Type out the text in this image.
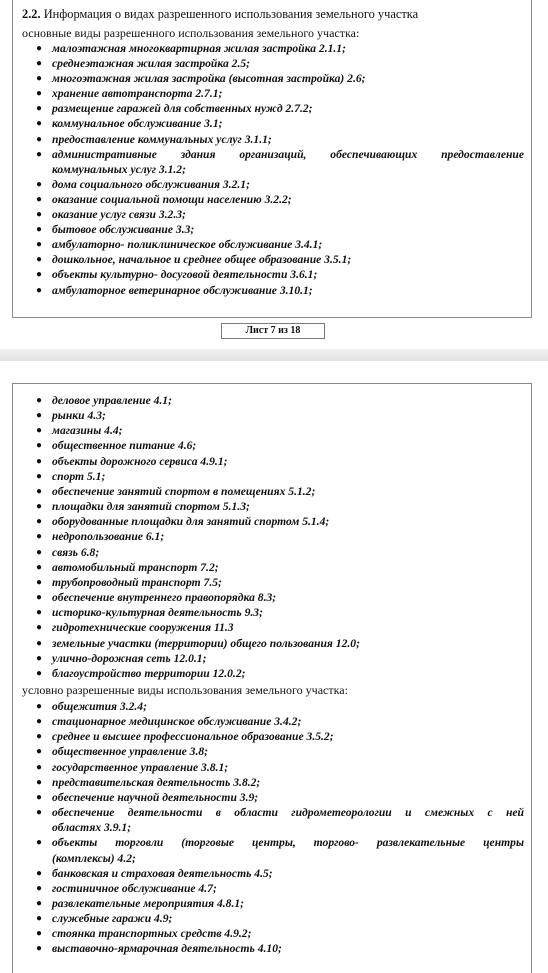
2.2. Информация о видах разрешенного использования земельного участка

основные виды разрешенного использования земельного участка:

● малоэтажная многоквартирная жилая застройка 2.1.1;
● среднеэтажная жилая застройка 2.5;
● многоэтажная жилая застройка (высотная застройка) 2.6;
● хранение автотранспорта 2.7.1;
● размещение гаражей для собственных нужд 2.7.2;
● коммунальное обслуживание 3.1;
● предоставление коммунальных услуг 3.1.1;
● административные здания организаций, обеспечивающих предоставление
коммунальных услуг 3.1.2;
● дома социального обслуживания 3.2.1;
● оказание социальной помощи населению 3.2.2;
● оказание услуг связи 3.2.3;
● бытовое обслуживание 3.3;
● амбулаторно- поликлиническое обслуживание 3.4.1;
● дошкольное, начальное и среднее общее образование 3.5.1;
● объекты культурно- досуговой деятельности 3.6.1;
● амбулаторное ветеринарное обслуживание 3.10.1;
Лист 7 из 18
● деловое управление 4.1;
● рынки 4.3;
● магазины 4.4;
● общественное питание 4.6;
● объекты дорожного сервиса 4.9.1;
● спорт 5.1;
● обеспечение занятий спортом в помещениях 5.1.2;
● площадки для занятий спортом 5.1.3;
● оборудованные площадки для занятий спортом 5.1.4;
● недропользование 6.1;
● связь 6.8;
● автомобильный транспорт 7.2;
● трубопроводный транспорт 7.5;
● обеспечение внутреннего правопорядка 8.3;
● историко-культурная деятельность 9.3;
● гидротехнические сооружения 11.3
● земельные участки (территории) общего пользования 12.0;
● улично-дорожная сеть 12.0.1;
● благоустройство территории 12.0.2;

условно разрешенные виды использования земельного участка:

● общежития 3.2.4;
● стационарное медицинское обслуживание 3.4.2;
● среднее и высшее профессиональное образование 3.5.2;
● общественное управление 3.8;
● государственное управление 3.8.1;
● представительская деятельность 3.8.2;
● обеспечение научной деятельности 3.9;
● обеспечение деятельности в области гидрометеорологии и смежных с ней
областях 3.9.1;
● объекты торговли (торговые центры, торгово- развлекательные центры
(комплексы) 4.2;
● банковская и страховая деятельность 4.5;
● гостиничное обслуживание 4.7;
● развлекательные мероприятия 4.8.1;
● служебные гаражи 4.9;
● стоянка транспортных средств 4.9.2;
● выставочно-ярмарочная деятельность 4.10;
